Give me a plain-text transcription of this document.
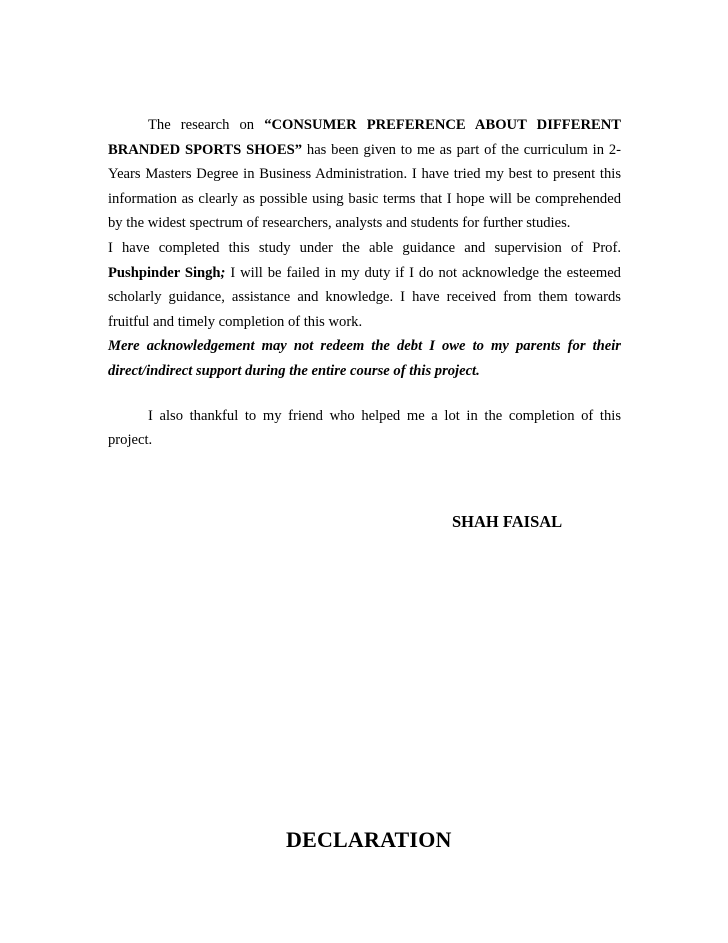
The research on “CONSUMER PREFERENCE ABOUT DIFFERENT BRANDED SPORTS SHOES” has been given to me as part of the curriculum in 2-Years Masters Degree in Business Administration. I have tried my best to present this information as clearly as possible using basic terms that I hope will be comprehended by the widest spectrum of researchers, analysts and students for further studies.

I have completed this study under the able guidance and supervision of Prof. Pushpinder Singh; I will be failed in my duty if I do not acknowledge the esteemed scholarly guidance, assistance and knowledge. I have received from them towards fruitful and timely completion of this work.

Mere acknowledgement may not redeem the debt I owe to my parents for their direct/indirect support during the entire course of this project.

I also thankful to my friend who helped me a lot in the completion of this project.

SHAH FAISAL
DECLARATION
